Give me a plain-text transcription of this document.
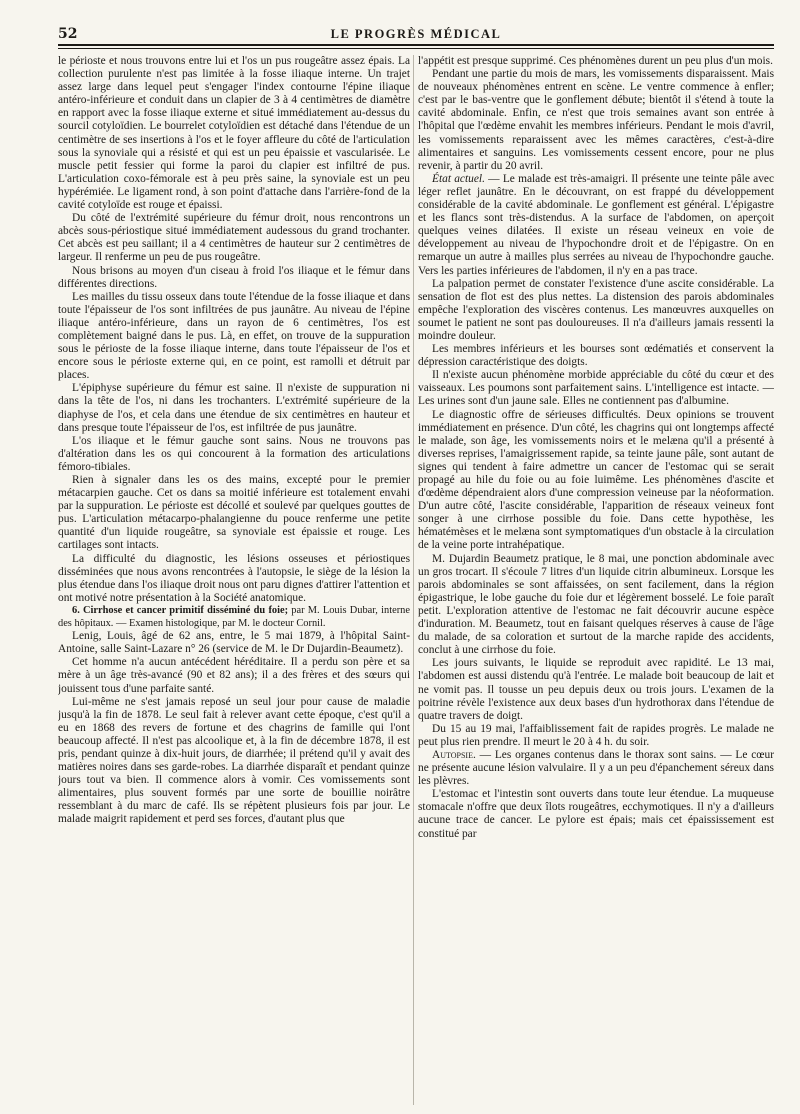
52	LE PROGRÈS MÉDICAL

le périoste et nous trouvons entre lui et l'os un pus rougeâtre assez épais. La collection purulente n'est pas limitée à la fosse iliaque interne. Un trajet assez large dans lequel peut s'engager l'index contourne l'épine iliaque antéro-inférieure et conduit dans un clapier de 3 à 4 centimètres de diamètre en rapport avec la fosse iliaque externe et situé immédiatement au-dessus du sourcil cotyloïdien. Le bourrelet cotyloïdien est détaché dans l'étendue de un centimètre de ses insertions à l'os et le foyer affleure du côté de l'articulation sous la synoviale qui a résisté et qui est un peu épaissie et vascularisée. Le muscle petit fessier qui forme la paroi du clapier est infiltré de pus. L'articulation coxo-fémorale est à peu près saine, la synoviale est un peu hypérémiée. Le ligament rond, à son point d'attache dans l'arrière-fond de la cavité cotyloïde est rouge et épaissi.

Du côté de l'extrémité supérieure du fémur droit, nous rencontrons un abcès sous-périostique situé immédiatement audessous du grand trochanter. Cet abcès est peu saillant; il a 4 centimètres de hauteur sur 2 centimètres de largeur. Il renferme un peu de pus rougeâtre.

Nous brisons au moyen d'un ciseau à froid l'os iliaque et le fémur dans différentes directions.

Les mailles du tissu osseux dans toute l'étendue de la fosse iliaque et dans toute l'épaisseur de l'os sont infiltrées de pus jaunâtre. Au niveau de l'épine iliaque antéro-inférieure, dans un rayon de 6 centimètres, l'os est complètement baigné dans le pus. Là, en effet, on trouve de la suppuration sous le périoste de la fosse iliaque interne, dans toute l'épaisseur de l'os et encore sous le périoste externe qui, en ce point, est ramolli et détruit par places.

L'épiphyse supérieure du fémur est saine. Il n'existe de suppuration ni dans la tête de l'os, ni dans les trochanters. L'extrémité supérieure de la diaphyse de l'os, et cela dans une étendue de six centimètres en hauteur et dans presque toute l'épaisseur de l'os, est infiltrée de pus jaunâtre.

L'os iliaque et le fémur gauche sont sains. Nous ne trouvons pas d'altération dans les os qui concourent à la formation des articulations fémoro-tibiales.

Rien à signaler dans les os des mains, excepté pour le premier métacarpien gauche. Cet os dans sa moitié inférieure est totalement envahi par la suppuration. Le périoste est décollé et soulevé par quelques gouttes de pus. L'articulation métacarpo-phalangienne du pouce renferme une petite quantité d'un liquide rougeâtre, sa synoviale est épaissie et rouge. Les cartilages sont intacts.

La difficulté du diagnostic, les lésions osseuses et périostiques disséminées que nous avons rencontrées à l'autopsie, le siège de la lésion la plus étendue dans l'os iliaque droit nous ont paru dignes d'attirer l'attention et ont motivé notre présentation à la Société anatomique.

6. Cirrhose et cancer primitif disséminé du foie; par M. Louis Dubar, interne des hôpitaux. — Examen histologique, par M. le docteur Cornil.

Lenig, Louis, âgé de 62 ans, entre, le 5 mai 1879, à l'hôpital Saint-Antoine, salle Saint-Lazare n° 26 (service de M. le Dr Dujardin-Beaumetz).

Cet homme n'a aucun antécédent héréditaire. Il a perdu son père et sa mère à un âge très-avancé (90 et 82 ans); il a des frères et des sœurs qui jouissent tous d'une parfaite santé.

Lui-même ne s'est jamais reposé un seul jour pour cause de maladie jusqu'à la fin de 1878. Le seul fait à relever avant cette époque, c'est qu'il a eu en 1868 des revers de fortune et des chagrins de famille qui l'ont beaucoup affecté. Il n'est pas alcoolique et, à la fin de décembre 1878, il est pris, pendant quinze à dix-huit jours, de diarrhée; il prétend qu'il y avait des matières noires dans ses garde-robes. La diarrhée disparaît et pendant quinze jours tout va bien. Il commence alors à vomir. Ces vomissements sont alimentaires, plus souvent formés par une sorte de bouillie noirâtre ressemblant à du marc de café. Ils se répètent plusieurs fois par jour. Le malade maigrit rapidement et perd ses forces, d'autant plus que

l'appétit est presque supprimé. Ces phénomènes durent un peu plus d'un mois.

Pendant une partie du mois de mars, les vomissements disparaissent. Mais de nouveaux phénomènes entrent en scène. Le ventre commence à enfler; c'est par le bas-ventre que le gonflement débute; bientôt il s'étend à toute la cavité abdominale. Enfin, ce n'est que trois semaines avant son entrée à l'hôpital que l'œdème envahit les membres inférieurs. Pendant le mois d'avril, les vomissements reparaissent avec les mêmes caractères, c'est-à-dire alimentaires et sanguins. Les vomissements cessent encore, pour ne plus revenir, à partir du 20 avril.

État actuel. — Le malade est très-amaigri. Il présente une teinte pâle avec léger reflet jaunâtre. En le découvrant, on est frappé du développement considérable de la cavité abdominale. Le gonflement est général. L'épigastre et les flancs sont très-distendus. A la surface de l'abdomen, on aperçoit quelques veines dilatées. Il existe un réseau veineux en voie de développement au niveau de l'hypochondre droit et de l'épigastre. On en remarque un autre à mailles plus serrées au niveau de l'hypochondre gauche. Vers les parties inférieures de l'abdomen, il n'y en a pas trace.

La palpation permet de constater l'existence d'une ascite considérable. La sensation de flot est des plus nettes. La distension des parois abdominales empêche l'exploration des viscères contenus. Les manœuvres auxquelles on soumet le patient ne sont pas douloureuses. Il n'a d'ailleurs jamais ressenti la moindre douleur.

Les membres inférieurs et les bourses sont œdématiés et conservent la dépression caractéristique des doigts.

Il n'existe aucun phénomène morbide appréciable du côté du cœur et des vaisseaux. Les poumons sont parfaitement sains. L'intelligence est intacte. — Les urines sont d'un jaune sale. Elles ne contiennent pas d'albumine.

Le diagnostic offre de sérieuses difficultés. Deux opinions se trouvent immédiatement en présence. D'un côté, les chagrins qui ont longtemps affecté le malade, son âge, les vomissements noirs et le melæna qu'il a présenté à diverses reprises, l'amaigrissement rapide, sa teinte jaune pâle, sont autant de signes qui tendent à faire admettre un cancer de l'estomac qui se serait propagé au hile du foie ou au foie luimême. Les phénomènes d'ascite et d'œdème dépendraient alors d'une compression veineuse par la néoformation. D'un autre côté, l'ascite considérable, l'apparition de réseaux veineux font songer à une cirrhose possible du foie. Dans cette hypothèse, les hématémèses et le melæna sont symptomatiques d'un obstacle à la circulation de la veine porte intrahépatique.

M. Dujardin Beaumetz pratique, le 8 mai, une ponction abdominale avec un gros trocart. Il s'écoule 7 litres d'un liquide citrin albumineux. Lorsque les parois abdominales se sont affaissées, on sent facilement, dans la région épigastrique, le lobe gauche du foie dur et légèrement bosselé. Le foie paraît petit. L'exploration attentive de l'estomac ne fait découvrir aucune espèce d'induration. M. Beaumetz, tout en faisant quelques réserves à cause de l'âge du malade, de sa coloration et surtout de la marche rapide des accidents, conclut à une cirrhose du foie.

Les jours suivants, le liquide se reproduit avec rapidité. Le 13 mai, l'abdomen est aussi distendu qu'à l'entrée. Le malade boit beaucoup de lait et ne vomit pas. Il tousse un peu depuis deux ou trois jours. L'examen de la poitrine révèle l'existence aux deux bases d'un hydrothorax dans l'étendue de quatre travers de doigt.

Du 15 au 19 mai, l'affaiblissement fait de rapides progrès. Le malade ne peut plus rien prendre. Il meurt le 20 à 4 h. du soir.

Autopsie. — Les organes contenus dans le thorax sont sains. — Le cœur ne présente aucune lésion valvulaire. Il y a un peu d'épanchement séreux dans les plèvres.

L'estomac et l'intestin sont ouverts dans toute leur étendue. La muqueuse stomacale n'offre que deux îlots rougeâtres, ecchymotiques. Il n'y a d'ailleurs aucune trace de cancer. Le pylore est épais; mais cet épaississement est constitué par
